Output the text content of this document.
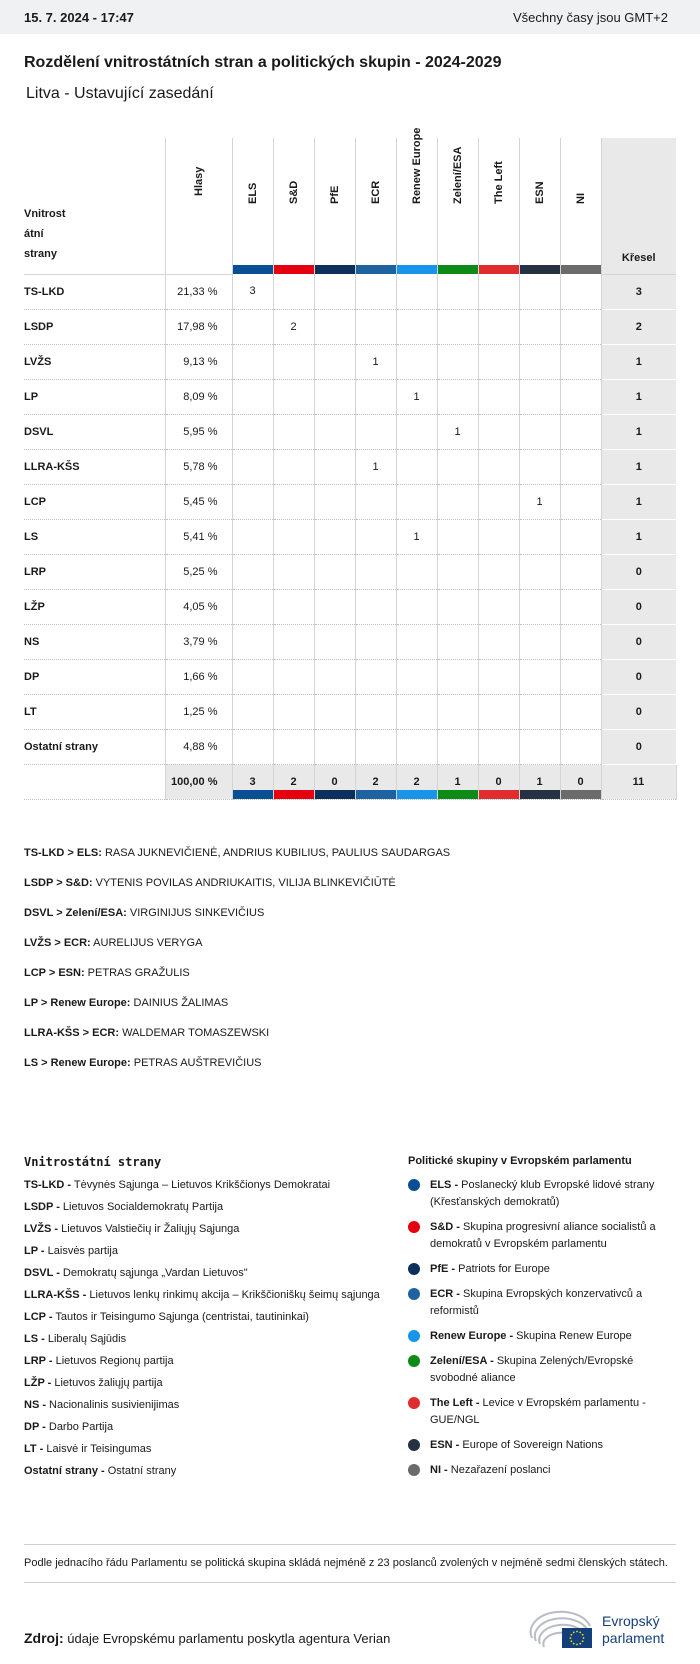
15. 7. 2024 - 17:47	Všechny časy jsou GMT+2
Rozdělení vnitrostátních stran a politických skupin - 2024-2029
Litva - Ustavující zasedání
Vnitrost átní strany	Hlasy	ELS	S&D	PfE	ECR	Renew Europe	Zelení/ESA	The Left	ESN	NI	Křesel
TS-LKD	21,33 %	3									3
LSDP	17,98 %		2								2
LVŽS	9,13 %				1						1
LP	8,09 %					1					1
DSVL	5,95 %						1				1
LLRA-KŠS	5,78 %				1						1
LCP	5,45 %								1		1
LS	5,41 %					1					1
LRP	5,25 %										0
LŽP	4,05 %										0
NS	3,79 %										0
DP	1,66 %										0
LT	1,25 %										0
Ostatní strany	4,88 %										0
	100,00 %	3	2	0	2	2	1	0	1	0	11
TS-LKD > ELS: RASA JUKNEVIČIENĖ, ANDRIUS KUBILIUS, PAULIUS SAUDARGAS
LSDP > S&D: VYTENIS POVILAS ANDRIUKAITIS, VILIJA BLINKEVIČIŪTĖ
DSVL > Zelení/ESA: VIRGINIJUS SINKEVIČIUS
LVŽS > ECR: AURELIJUS VERYGA
LCP > ESN: PETRAS GRAŽULIS
LP > Renew Europe: DAINIUS ŽALIMAS
LLRA-KŠS > ECR: WALDEMAR TOMASZEWSKI
LS > Renew Europe: PETRAS AUŠTREVIČIUS
Vnitrostátní strany
TS-LKD - Tėvynės Sąjunga – Lietuvos Krikščionys Demokratai
LSDP - Lietuvos Socialdemokratų Partija
LVŽS - Lietuvos Valstiečių ir Žaliųjų Sąjunga
LP - Laisvės partija
DSVL - Demokratų sąjunga „Vardan Lietuvos"
LLRA-KŠS - Lietuvos lenkų rinkimų akcija – Krikščioniškų šeimų sąjunga
LCP - Tautos ir Teisingumo Sąjunga (centristai, tautininkai)
LS - Liberalų Sąjūdis
LRP - Lietuvos Regionų partija
LŽP - Lietuvos žaliųjų partija
NS - Nacionalinis susivienijimas
DP - Darbo Partija
LT - Laisvė ir Teisingumas
Ostatní strany - Ostatní strany
Politické skupiny v Evropském parlamentu
ELS - Poslanecký klub Evropské lidové strany (Křesťanských demokratů)
S&D - Skupina progresivní aliance socialistů a demokratů v Evropském parlamentu
PfE - Patriots for Europe
ECR - Skupina Evropských konzervativců a reformistů
Renew Europe - Skupina Renew Europe
Zelení/ESA - Skupina Zelených/Evropské svobodné aliance
The Left - Levice v Evropském parlamentu - GUE/NGL
ESN - Europe of Sovereign Nations
NI - Nezařazení poslanci
Podle jednacího řádu Parlamentu se politická skupina skládá nejméně z 23 poslanců zvolených v nejméně sedmi členských státech.
Zdroj: údaje Evropskému parlamentu poskytla agentura Verian
Evropský
parlament
